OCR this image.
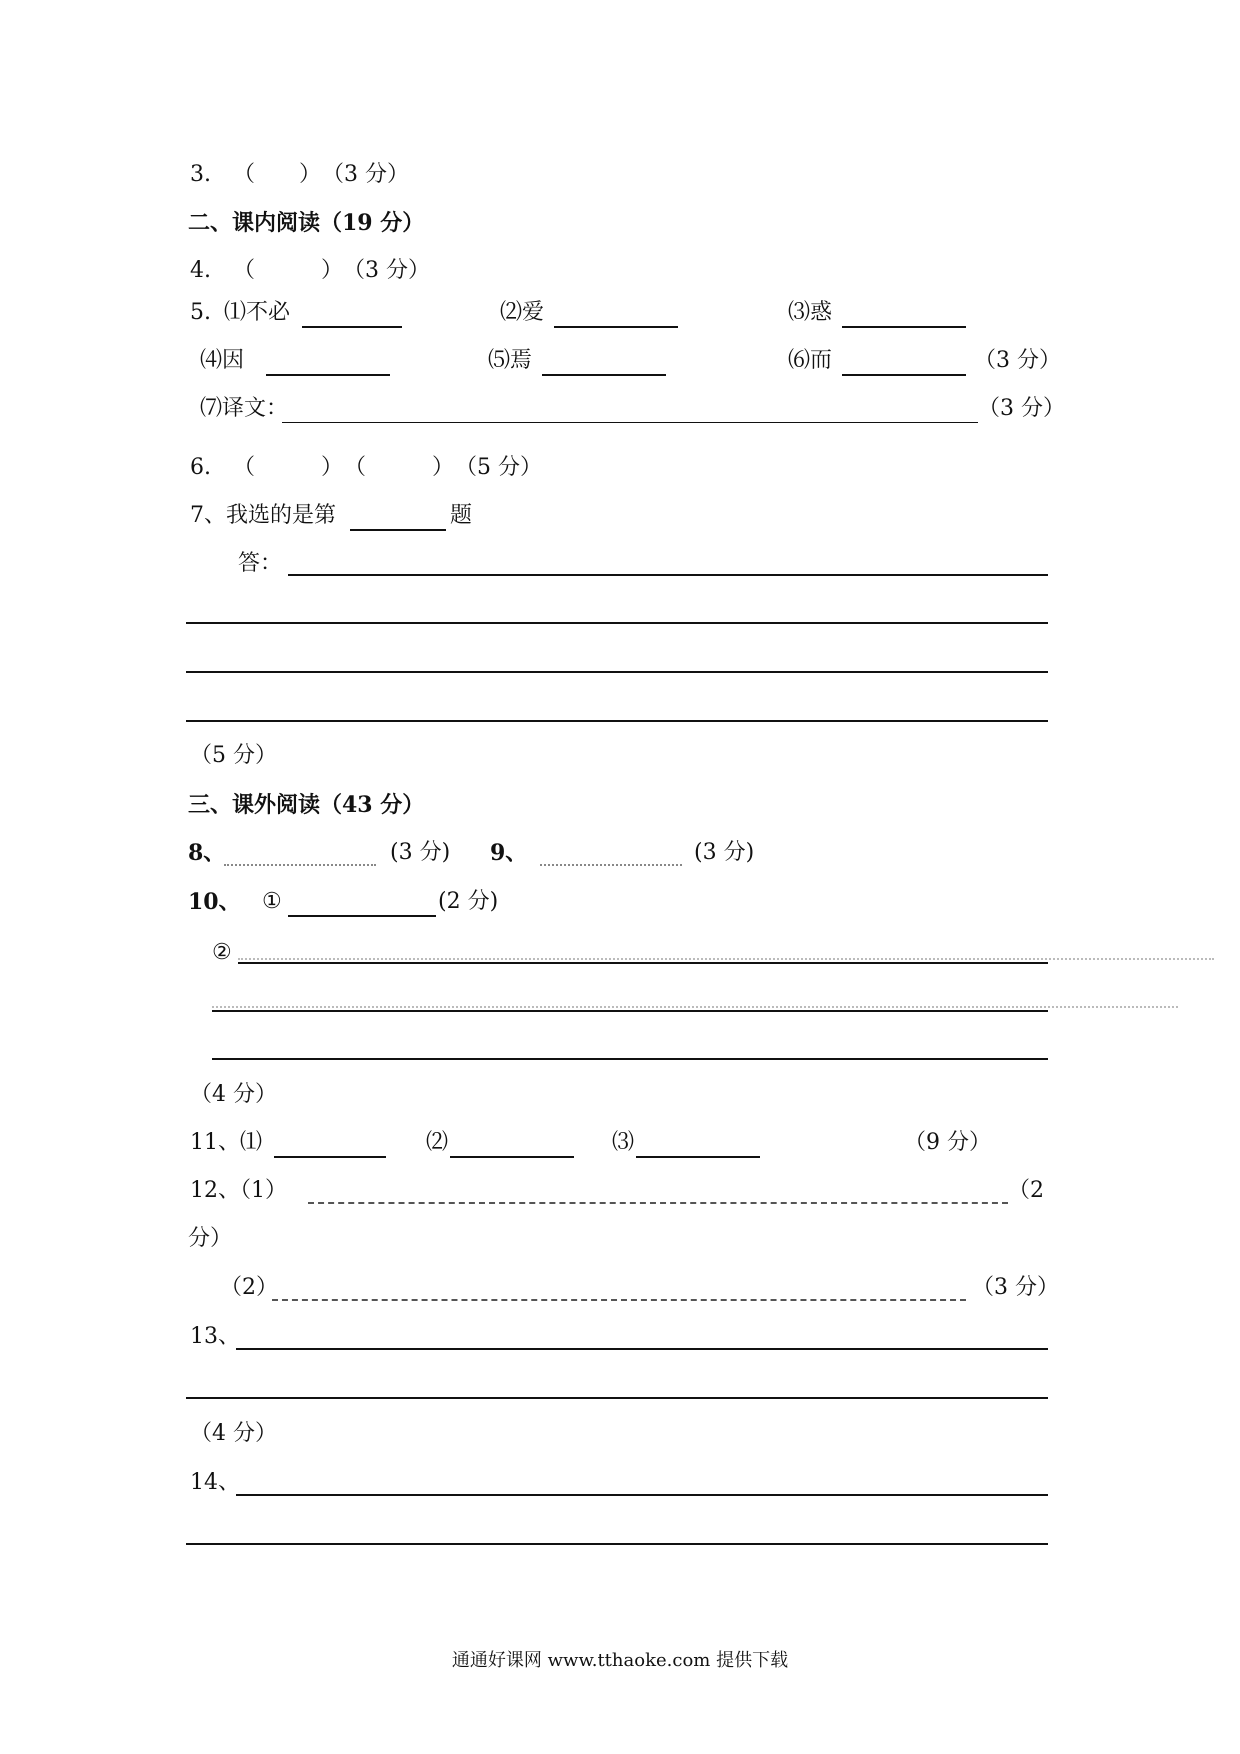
3. （　　） （3 分）
二、课内阅读（19 分）
4. （　　　） （3 分）
5. ⑴不必	⑵爱	⑶惑
⑷因	⑸焉	⑹而	（3 分）
⑺译文：	（3 分）
6. （　　　） （　　　） （5 分）
7、我选的是第	题
答：
（5 分）
三、课外阅读（43 分）
8、	(3 分) 9、	(3 分)
10、 ①	(2 分)
②
（4 分）
11、⑴	⑵	⑶	（9 分）
12、（1）	（2
分）
（2）	（3 分）
13、
（4 分）
14、
通通好课网 www.tthaoke.com 提供下载
